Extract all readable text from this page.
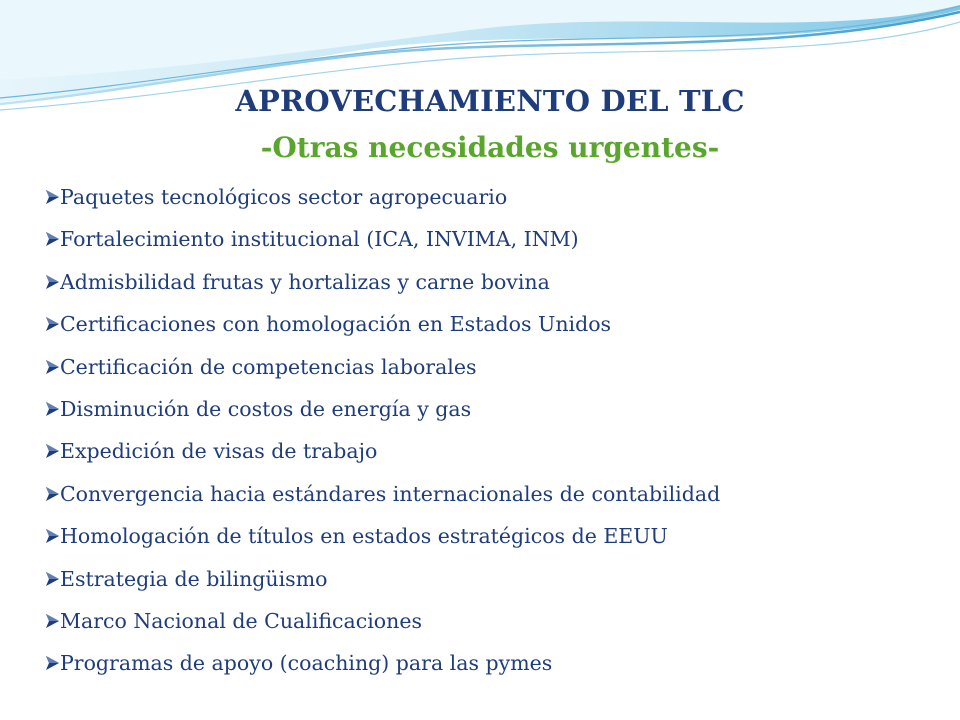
APROVECHAMIENTO DEL TLC
-Otras necesidades urgentes-
Paquetes tecnológicos sector agropecuario
Fortalecimiento institucional (ICA, INVIMA, INM)
Admisbilidad frutas y hortalizas y carne bovina
Certificaciones con homologación en Estados Unidos
Certificación de competencias laborales
Disminución de costos de energía y gas
Expedición de visas de trabajo
Convergencia hacia estándares internacionales de contabilidad
Homologación de títulos en estados estratégicos de EEUU
Estrategia de bilingüismo
Marco Nacional de Cualificaciones
Programas de apoyo (coaching) para las pymes
